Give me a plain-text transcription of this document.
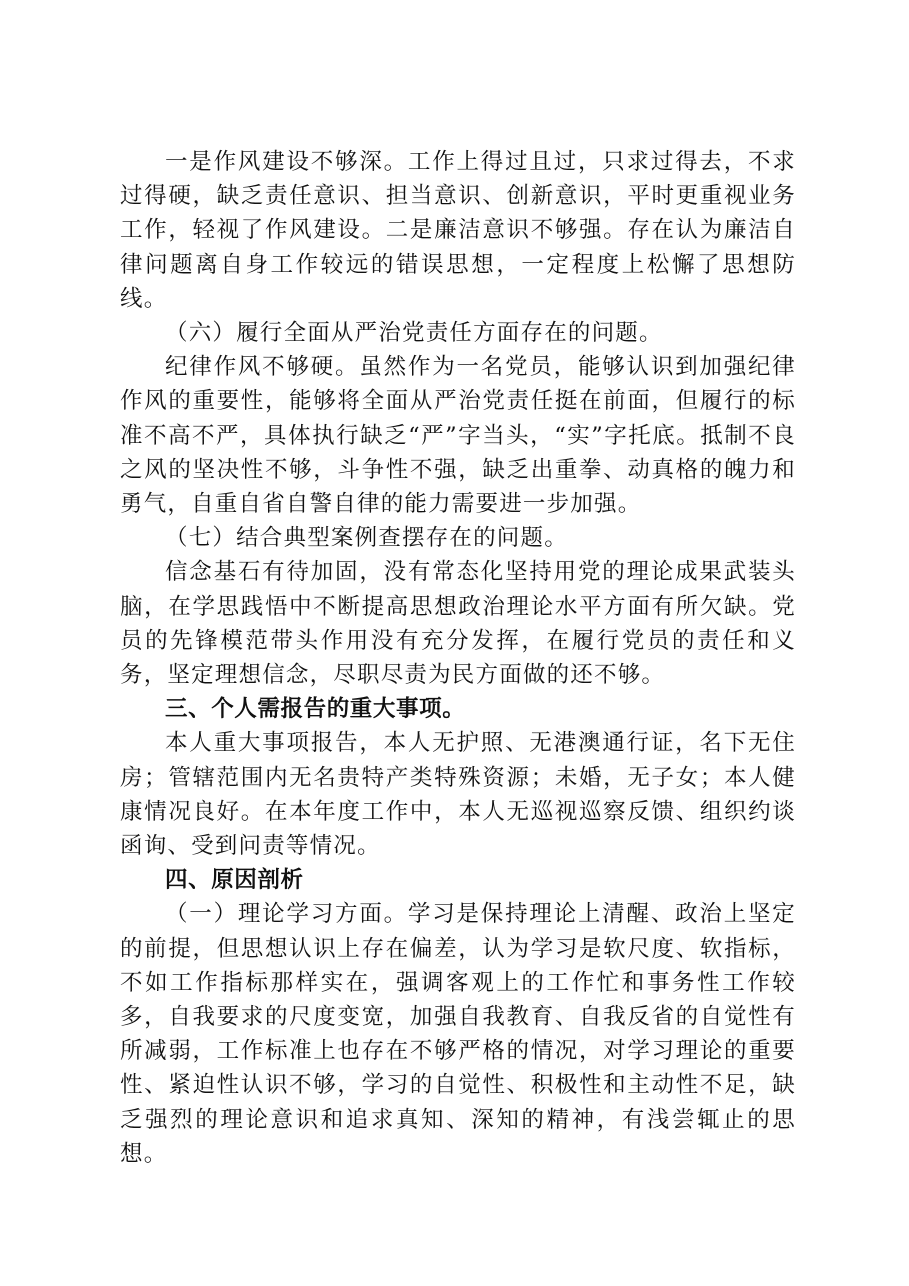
一是作风建设不够深。工作上得过且过，只求过得去，不求过得硬，缺乏责任意识、担当意识、创新意识，平时更重视业务工作，轻视了作风建设。二是廉洁意识不够强。存在认为廉洁自律问题离自身工作较远的错误思想，一定程度上松懈了思想防线。

（六）履行全面从严治党责任方面存在的问题。

纪律作风不够硬。虽然作为一名党员，能够认识到加强纪律作风的重要性，能够将全面从严治党责任挺在前面，但履行的标准不高不严，具体执行缺乏“严”字当头，“实”字托底。抵制不良之风的坚决性不够，斗争性不强，缺乏出重拳、动真格的魄力和勇气，自重自省自警自律的能力需要进一步加强。

（七）结合典型案例查摆存在的问题。

信念基石有待加固，没有常态化坚持用党的理论成果武装头脑，在学思践悟中不断提高思想政治理论水平方面有所欠缺。党员的先锋模范带头作用没有充分发挥，在履行党员的责任和义务，坚定理想信念，尽职尽责为民方面做的还不够。

三、个人需报告的重大事项。

本人重大事项报告，本人无护照、无港澳通行证，名下无住房；管辖范围内无名贵特产类特殊资源；未婚，无子女；本人健康情况良好。在本年度工作中，本人无巡视巡察反馈、组织约谈函询、受到问责等情况。

四、原因剖析

（一）理论学习方面。学习是保持理论上清醒、政治上坚定的前提，但思想认识上存在偏差，认为学习是软尺度、软指标，不如工作指标那样实在，强调客观上的工作忙和事务性工作较多，自我要求的尺度变宽，加强自我教育、自我反省的自觉性有所减弱，工作标准上也存在不够严格的情况，对学习理论的重要性、紧迫性认识不够，学习的自觉性、积极性和主动性不足，缺乏强烈的理论意识和追求真知、深知的精神，有浅尝辄止的思想。
